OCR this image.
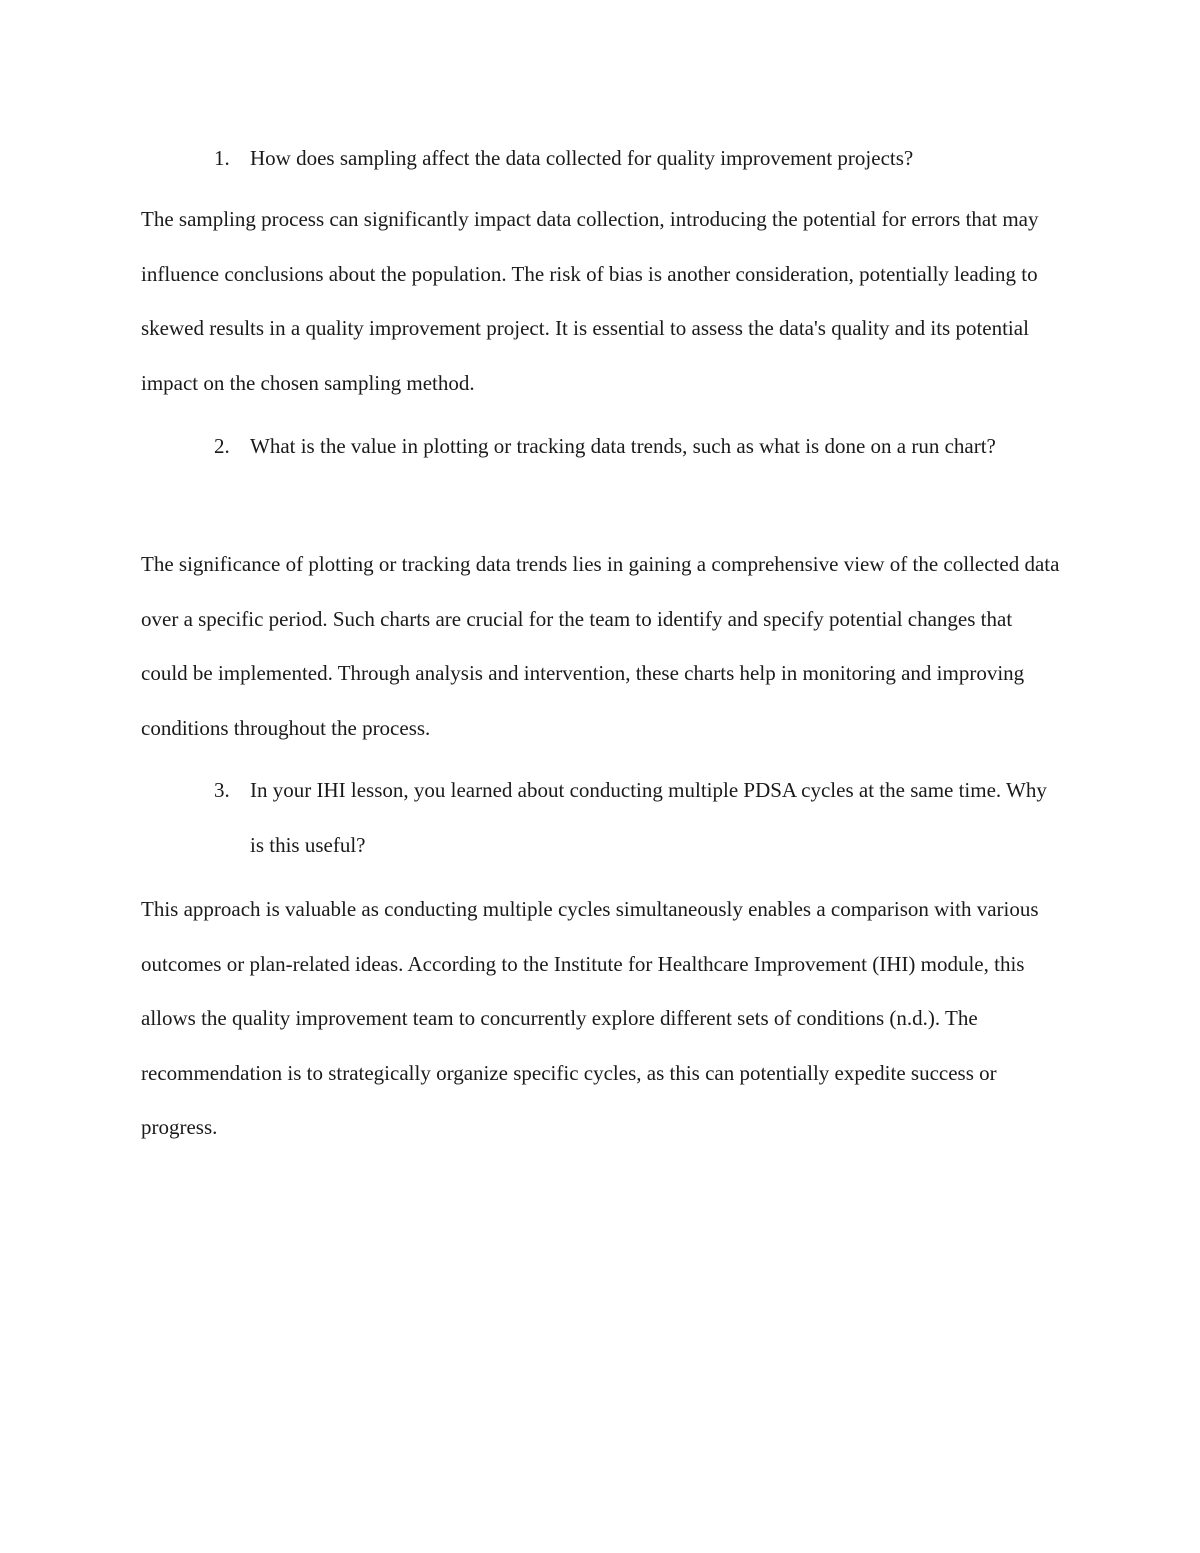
1. How does sampling affect the data collected for quality improvement projects?
The sampling process can significantly impact data collection, introducing the potential for errors that may influence conclusions about the population. The risk of bias is another consideration, potentially leading to skewed results in a quality improvement project. It is essential to assess the data's quality and its potential impact on the chosen sampling method.
2. What is the value in plotting or tracking data trends, such as what is done on a run chart?
The significance of plotting or tracking data trends lies in gaining a comprehensive view of the collected data over a specific period. Such charts are crucial for the team to identify and specify potential changes that could be implemented. Through analysis and intervention, these charts help in monitoring and improving conditions throughout the process.
3. In your IHI lesson, you learned about conducting multiple PDSA cycles at the same time. Why is this useful?
This approach is valuable as conducting multiple cycles simultaneously enables a comparison with various outcomes or plan-related ideas. According to the Institute for Healthcare Improvement (IHI) module, this allows the quality improvement team to concurrently explore different sets of conditions (n.d.). The recommendation is to strategically organize specific cycles, as this can potentially expedite success or progress.
